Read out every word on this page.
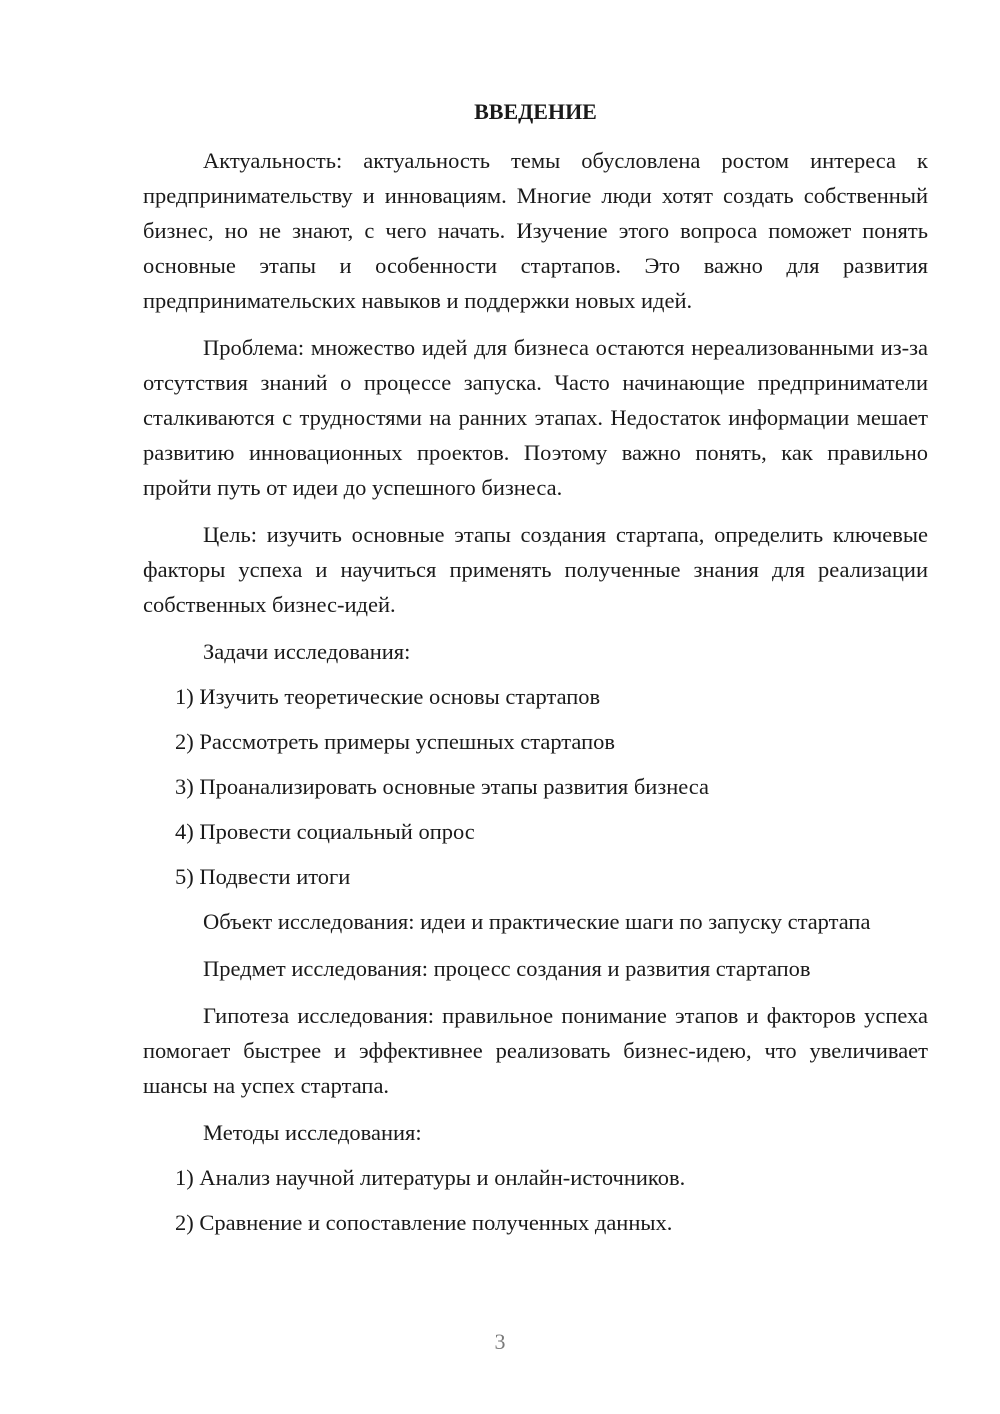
ВВЕДЕНИЕ

Актуальность: актуальность темы обусловлена ростом интереса к предпринимательству и инновациям. Многие люди хотят создать собственный бизнес, но не знают, с чего начать. Изучение этого вопроса поможет понять основные этапы и особенности стартапов. Это важно для развития предпринимательских навыков и поддержки новых идей.

Проблема: множество идей для бизнеса остаются нереализованными из-за отсутствия знаний о процессе запуска. Часто начинающие предприниматели сталкиваются с трудностями на ранних этапах. Недостаток информации мешает развитию инновационных проектов. Поэтому важно понять, как правильно пройти путь от идеи до успешного бизнеса.

Цель: изучить основные этапы создания стартапа, определить ключевые факторы успеха и научиться применять полученные знания для реализации собственных бизнес-идей.

Задачи исследования:

1) Изучить теоретические основы стартапов

2) Рассмотреть примеры успешных стартапов

3) Проанализировать основные этапы развития бизнеса

4) Провести социальный опрос

5) Подвести итоги

Объект исследования: идеи и практические шаги по запуску стартапа

Предмет исследования: процесс создания и развития стартапов

Гипотеза исследования: правильное понимание этапов и факторов успеха помогает быстрее и эффективнее реализовать бизнес-идею, что увеличивает шансы на успех стартапа.

Методы исследования:

1) Анализ научной литературы и онлайн-источников.

2) Сравнение и сопоставление полученных данных.

3
